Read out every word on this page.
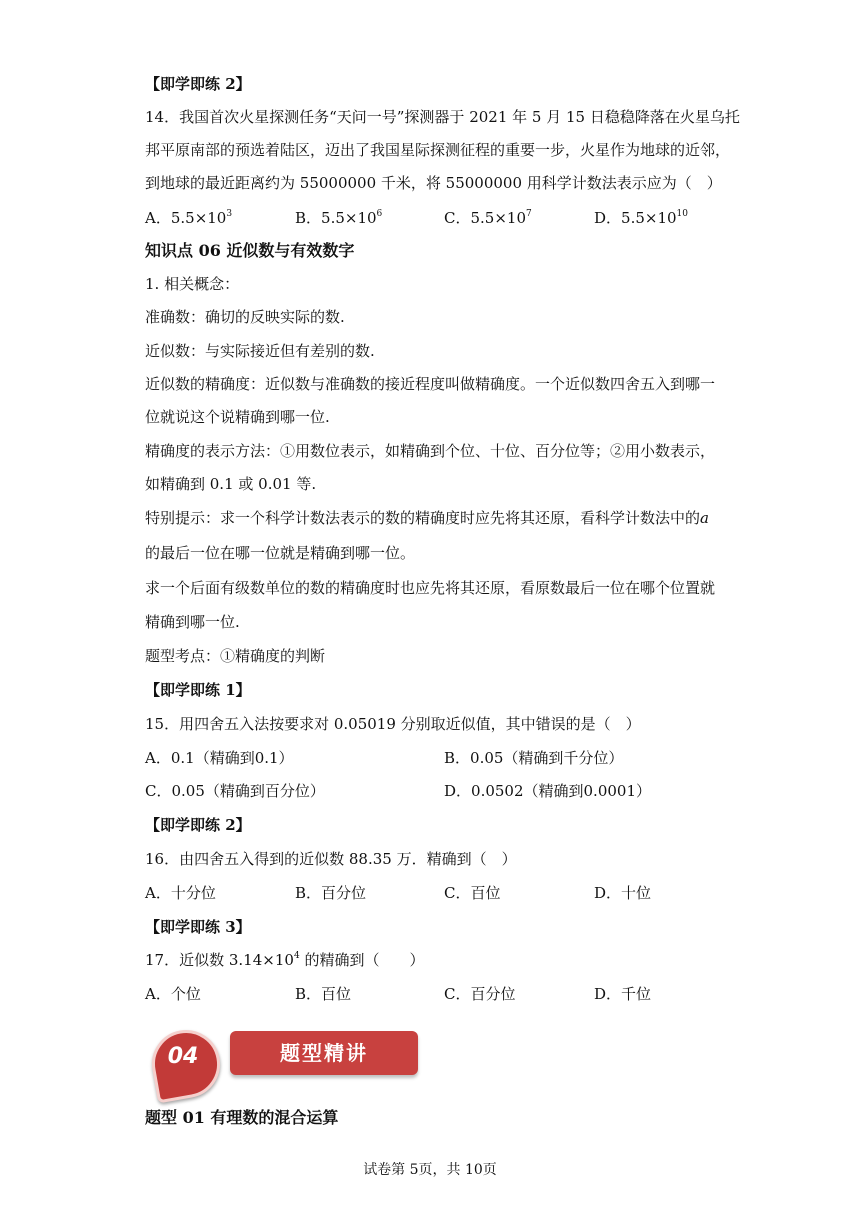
【即学即练 2】
14．我国首次火星探测任务“天问一号”探测器于 2021 年 5 月 15 日稳稳降落在火星乌托
邦平原南部的预选着陆区，迈出了我国星际探测征程的重要一步，火星作为地球的近邻，
到地球的最近距离约为 55000000 千米，将 55000000 用科学计数法表示应为（　）
A．$5.5\times 10^3$	B．$5.5\times 10^6$	C．$5.5\times 10^7$	D．$5.5\times 10^{10}$
知识点 06 近似数与有效数字
1. 相关概念：
准确数：确切的反映实际的数.
近似数：与实际接近但有差别的数.
近似数的精确度：近似数与准确数的接近程度叫做精确度。一个近似数四舍五入到哪一
位就说这个说精确到哪一位.
精确度的表示方法：①用数位表示，如精确到个位、十位、百分位等；②用小数表示，
如精确到 0.1 或 0.01 等.
特别提示：求一个科学计数法表示的数的精确度时应先将其还原，看科学计数法中的a
的最后一位在哪一位就是精确到哪一位。
求一个后面有级数单位的数的精确度时也应先将其还原，看原数最后一位在哪个位置就
精确到哪一位.
题型考点：①精确度的判断
【即学即练 1】
15．用四舍五入法按要求对 0.05019 分别取近似值，其中错误的是（　）
A．0.1（精确到0.1）	B．0.05（精确到千分位）
C．0.05（精确到百分位）	D．0.0502（精确到0.0001）
【即学即练 2】
16．由四舍五入得到的近似数 88.35 万．精确到（　）
A．十分位	B．百分位	C．百位	D．十位
【即学即练 3】
17．近似数 $3.14\times 10^4$ 的精确到（　　）
A．个位	B．百位	C．百分位	D．千位
04	题型精讲
题型 01 有理数的混合运算
试卷第 5页，共 10页
